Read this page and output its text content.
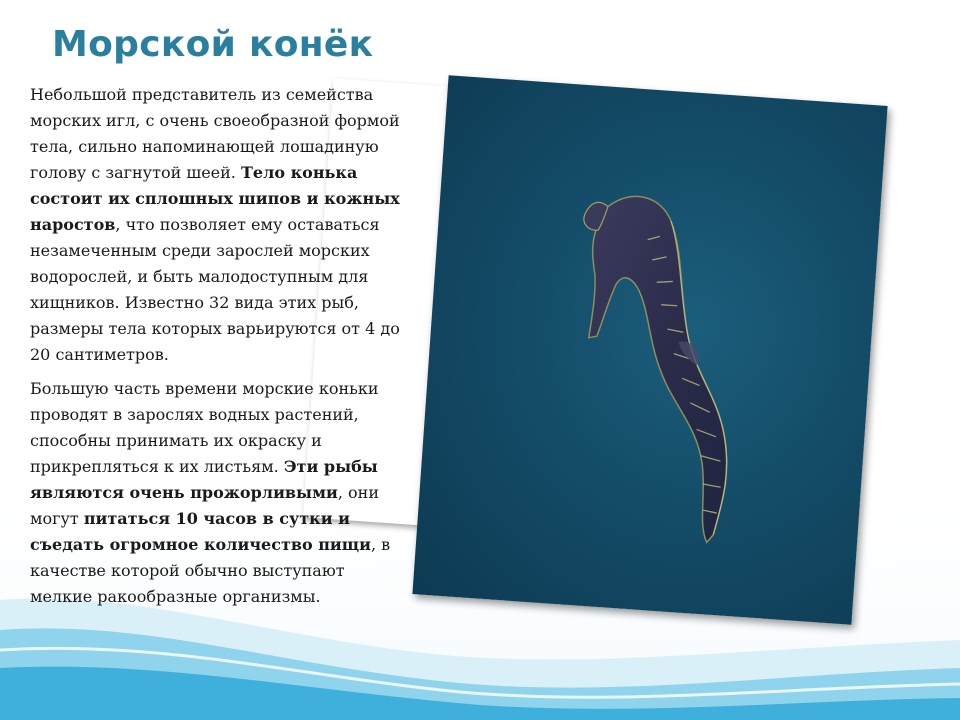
Морской конёк

Небольшой представитель из семейства морских игл, с очень своеобразной формой тела, сильно напоминающей лошадиную голову с загнутой шеей. Тело конька состоит их сплошных шипов и кожных наростов, что позволяет ему оставаться незамеченным среди зарослей морских водорослей, и быть малодоступным для хищников. Известно 32 вида этих рыб, размеры тела которых варьируются от 4 до 20 сантиметров.

Большую часть времени морские коньки проводят в зарослях водных растений, способны принимать их окраску и прикрепляться к их листьям. Эти рыбы являются очень прожорливыми, они могут питаться 10 часов в сутки и съедать огромное количество пищи, в качестве которой обычно выступают мелкие ракообразные организмы.
